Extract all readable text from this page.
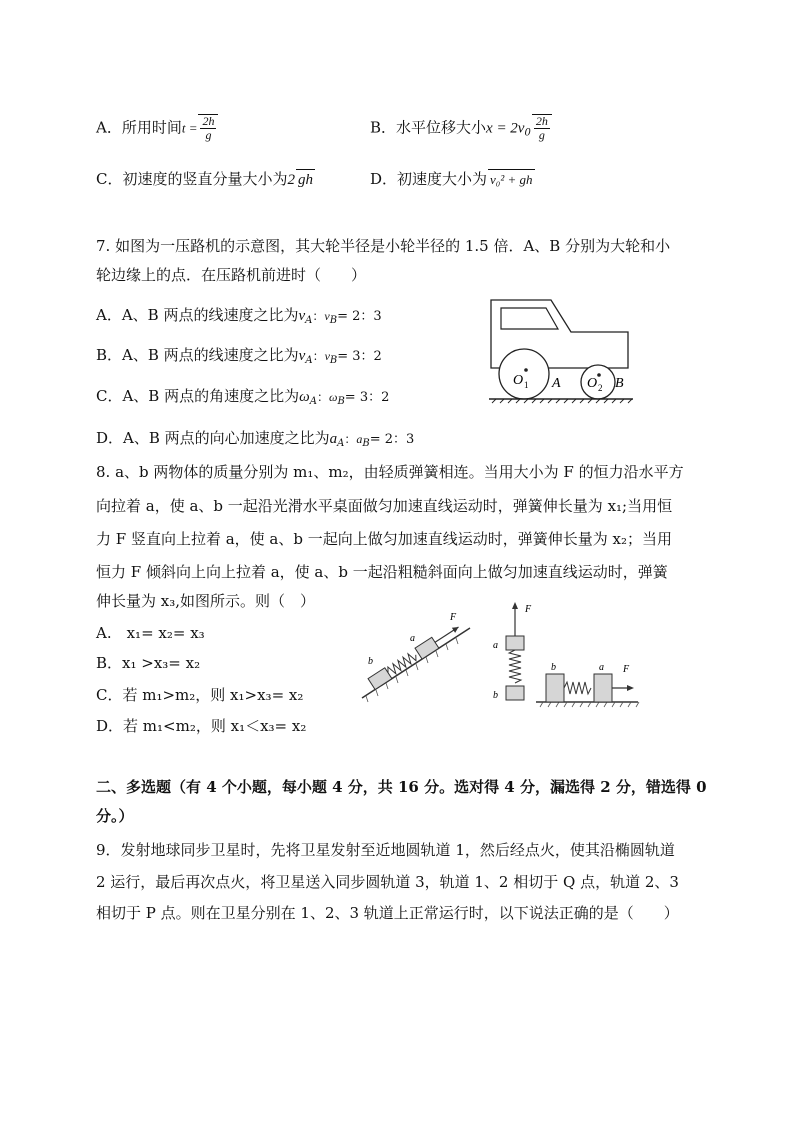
A．所用时间$t = \frac{2h}{g}$	B．水平位移大小$x = 2v_0 \frac{2h}{g}$
C．初速度的竖直分量大小为2 gh	D．初速度大小为 v₀² + gh
7. 如图为一压路机的示意图，其大轮半径是小轮半径的 1.5 倍．A、B 分别为大轮和小
轮边缘上的点．在压路机前进时（　　）
A．A、B 两点的线速度之比为$v_A$：$v_B= 2$：3
B．A、B 两点的线速度之比为$v_A$：$v_B= 3$：2
C．A、B 两点的角速度之比为$\omega_A$：$\omega_B= 3$：2
D．A、B 两点的向心加速度之比为$a_A$：$a_B= 2$：3
O 1 A O 2 B
8. a、b 两物体的质量分别为 m₁、m₂，由轻质弹簧相连。当用大小为 F 的恒力沿水平方
向拉着 a，使 a、b 一起沿光滑水平桌面做匀加速直线运动时，弹簧伸长量为 x₁;当用恒
力 F 竖直向上拉着 a，使 a、b 一起向上做匀加速直线运动时，弹簧伸长量为 x₂；当用
恒力 F 倾斜向上向上拉着 a，使 a、b 一起沿粗糙斜面向上做匀加速直线运动时，弹簧
伸长量为 x₃,如图所示。则（　）
A.　x₁= x₂= x₃
B．x₁ >x₃= x₂
C．若 m₁>m₂，则 x₁>x₃= x₂
D．若 m₁<m₂，则 x₁＜x₃= x₂
b
a
F
F
a
b
b	a F
二、多选题（有 4 个小题，每小题 4 分，共 16 分。选对得 4 分，漏选得 2 分，错选得 0
分。）
9．发射地球同步卫星时，先将卫星发射至近地圆轨道 1，然后经点火，使其沿椭圆轨道
2 运行，最后再次点火，将卫星送入同步圆轨道 3，轨道 1、2 相切于 Q 点，轨道 2、3
相切于 P 点。则在卫星分别在 1、2、3 轨道上正常运行时，以下说法正确的是（　　）
